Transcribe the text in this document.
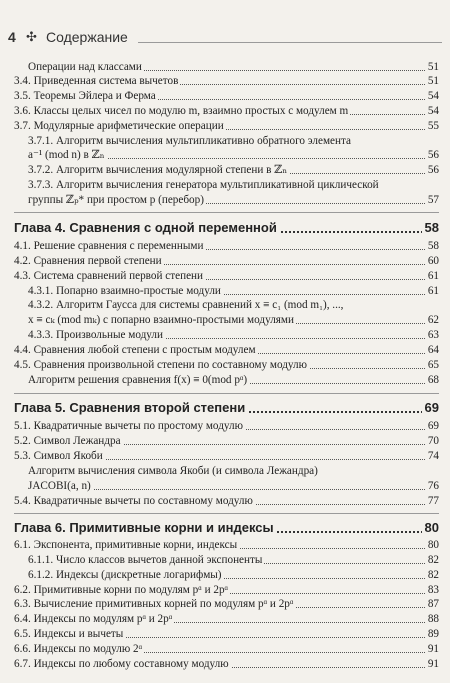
4 ✣ Содержание
Операции над классами	51
3.4. Приведенная система вычетов	51
3.5. Теоремы Эйлера и Ферма	54
3.6. Классы целых чисел по модулю m, взаимно простых с модулем m	54
3.7. Модулярные арифметические операции	55
3.7.1. Алгоритм вычисления мультипликативно обратного элемента
a⁻¹ (mod n) в ℤₙ	56
3.7.2. Алгоритм вычисления модулярной степени в ℤₙ	56
3.7.3. Алгоритм вычисления генератора мультипликативной циклической
группы ℤₚ* при простом p (перебор)	57
Глава 4. Сравнения с одной переменной	58
4.1. Решение сравнения с переменными	58
4.2. Сравнения первой степени	60
4.3. Система сравнений первой степени	61
4.3.1. Попарно взаимно-простые модули	61
4.3.2. Алгоритм Гаусса для системы сравнений x ≡ c₁ (mod m₁), ...,
x ≡ cₖ (mod mₖ) с попарно взаимно-простыми модулями	62
4.3.3. Произвольные модули	63
4.4. Сравнения любой степени с простым модулем	64
4.5. Сравнения произвольной степени по составному модулю	65
Алгоритм решения сравнения f(x) ≡ 0(mod pᵅ)	68
Глава 5. Сравнения второй степени	69
5.1. Квадратичные вычеты по простому модулю	69
5.2. Символ Лежандра	70
5.3. Символ Якоби	74
Алгоритм вычисления символа Якоби (и символа Лежандра)
JACOBI(a, n)	76
5.4. Квадратичные вычеты по составному модулю	77
Глава 6. Примитивные корни и индексы	80
6.1. Экспонента, примитивные корни, индексы	80
6.1.1. Число классов вычетов данной экспоненты	82
6.1.2. Индексы (дискретные логарифмы)	82
6.2. Примитивные корни по модулям pᵅ и 2pᵅ	83
6.3. Вычисление примитивных корней по модулям pᵅ и 2pᵅ	87
6.4. Индексы по модулям pᵅ и 2pᵅ	88
6.5. Индексы и вычеты	89
6.6. Индексы по модулю 2ᵅ	91
6.7. Индексы по любому составному модулю	91
